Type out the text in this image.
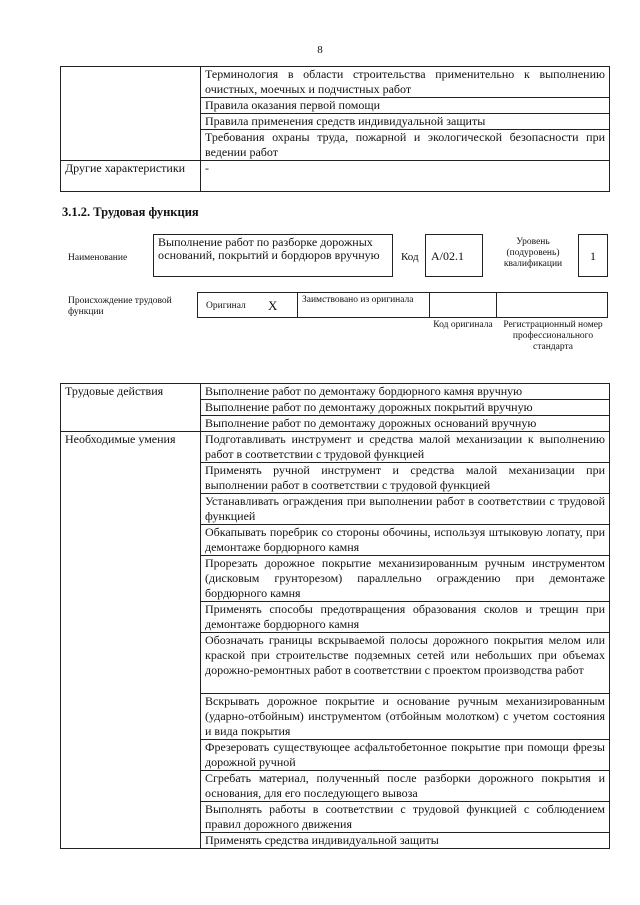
8
	Терминология в области строительства применительно к выполнению очистных, моечных и подчистных работ
	Правила оказания первой помощи
	Правила применения средств индивидуальной защиты
	Требования охраны труда, пожарной и экологической безопасности при ведении работ
Другие характеристики	-
3.1.2. Трудовая функция
Наименование
Выполнение работ по разборке дорожных оснований, покрытий и бордюров вручную	Код	А/02.1
Уровень (подуровень) квалификации
1
Происхождение трудовой функции
Оригинал X	Заимствовано из оригинала
Код оригинала	Регистрационный номер профессионального стандарта
Трудовые действия	Выполнение работ по демонтажу бордюрного камня вручную
	Выполнение работ по демонтажу дорожных покрытий вручную
	Выполнение работ по демонтажу дорожных оснований вручную
Необходимые умения	Подготавливать инструмент и средства малой механизации к выполнению работ в соответствии с трудовой функцией
	Применять ручной инструмент и средства малой механизации при выполнении работ в соответствии с трудовой функцией
	Устанавливать ограждения при выполнении работ в соответствии с трудовой функцией
	Обкапывать поребрик со стороны обочины, используя штыковую лопату, при демонтаже бордюрного камня
	Прорезать дорожное покрытие механизированным ручным инструментом (дисковым грунторезом) параллельно ограждению при демонтаже бордюрного камня
	Применять способы предотвращения образования сколов и трещин при демонтаже бордюрного камня
	Обозначать границы вскрываемой полосы дорожного покрытия мелом или краской при строительстве подземных сетей или небольших при объемах дорожно-ремонтных работ в соответствии с проектом производства работ
	Вскрывать дорожное покрытие и основание ручным механизированным (ударно-отбойным) инструментом (отбойным молотком) с учетом состояния и вида покрытия
	Фрезеровать существующее асфальтобетонное покрытие при помощи фрезы дорожной ручной
	Сгребать материал, полученный после разборки дорожного покрытия и основания, для его последующего вывоза
	Выполнять работы в соответствии с трудовой функцией с соблюдением правил дорожного движения
	Применять средства индивидуальной защиты
